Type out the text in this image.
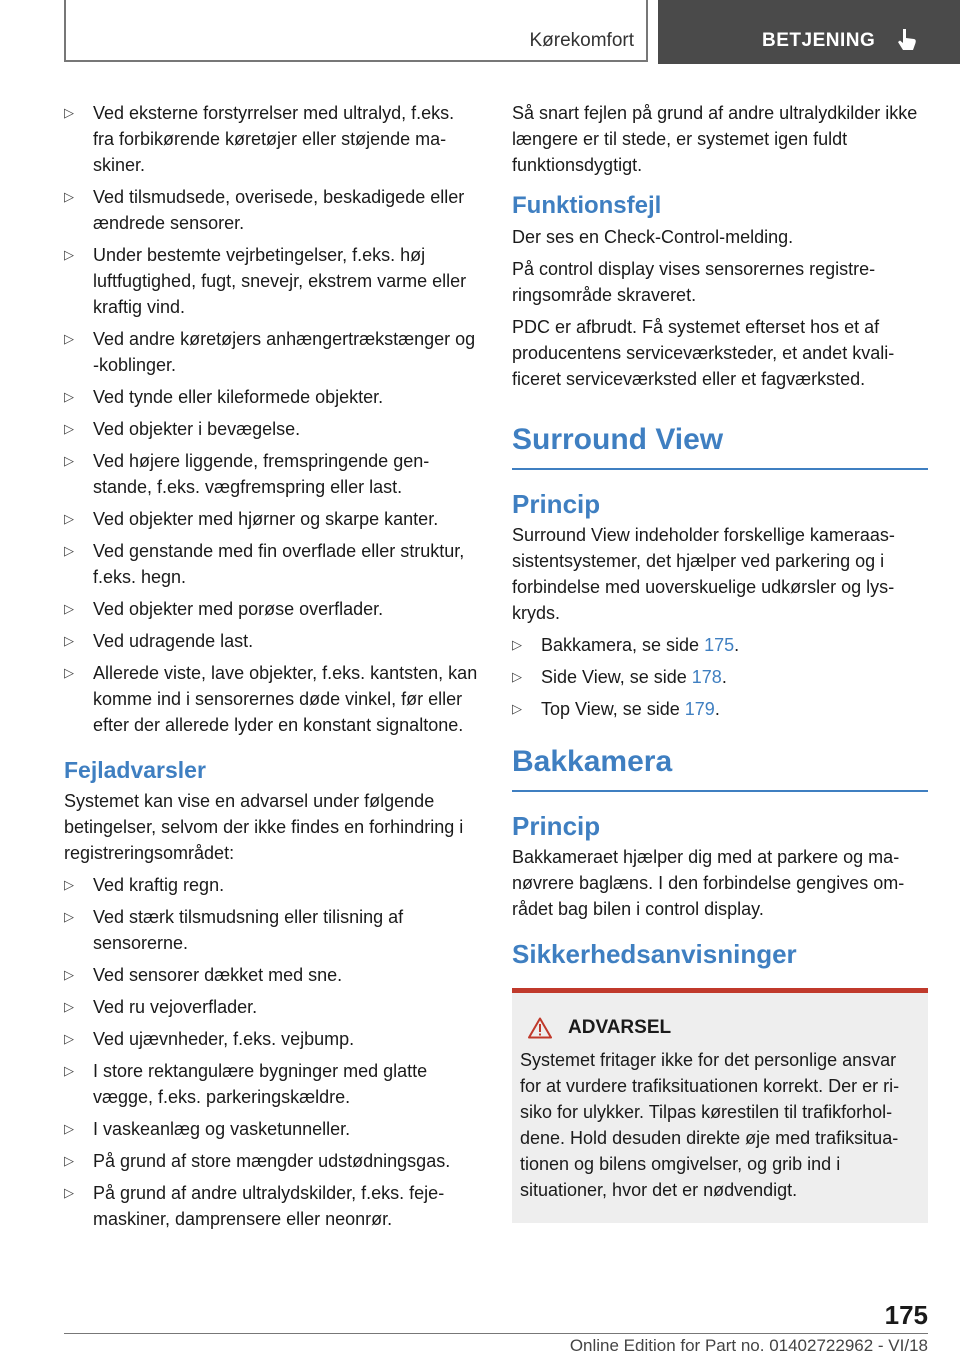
Kørekomfort	BETJENING
▷ Ved eksterne forstyrrelser med ultralyd, f.eks. fra forbikørende køretøjer eller støjende maskiner.
▷ Ved tilsmudsede, overisede, beskadigede eller ændrede sensorer.
▷ Under bestemte vejrbetingelser, f.eks. høj luftfugtighed, fugt, snevejr, ekstrem varme eller kraftig vind.
▷ Ved andre køretøjers anhængertrækstænger og -koblinger.
▷ Ved tynde eller kileformede objekter.
▷ Ved objekter i bevægelse.
▷ Ved højere liggende, fremspringende genstande, f.eks. vægfremspring eller last.
▷ Ved objekter med hjørner og skarpe kanter.
▷ Ved genstande med fin overflade eller struktur, f.eks. hegn.
▷ Ved objekter med porøse overflader.
▷ Ved udragende last.
▷ Allerede viste, lave objekter, f.eks. kantsten, kan komme ind i sensorernes døde vinkel, før eller efter der allerede lyder en konstant signaltone.
Fejladvarsler

Systemet kan vise en advarsel under følgende betingelser, selvom der ikke findes en forhindring i registreringsområdet:

▷ Ved kraftig regn.
▷ Ved stærk tilsmudsning eller tilisning af sensorerne.
▷ Ved sensorer dækket med sne.
▷ Ved ru vejoverflader.
▷ Ved ujævnheder, f.eks. vejbump.
▷ I store rektangulære bygninger med glatte vægge, f.eks. parkeringskældre.
▷ I vaskeanlæg og vasketunneller.
▷ På grund af store mængder udstødningsgas.
▷ På grund af andre ultralydskilder, f.eks. fejemaskiner, damprensere eller neonrør.

Så snart fejlen på grund af andre ultralydkilder ikke længere er til stede, er systemet igen fuldt funktionsdygtigt.

Funktionsfejl

Der ses en Check-Control-melding.

På control display vises sensorernes registreringsområde skraveret.

PDC er afbrudt. Få systemet efterset hos et af producentens serviceværksteder, et andet kvalificeret serviceværksted eller et fagværksted.

Surround View
Princip

Surround View indeholder forskellige kameraassistentsystemer, det hjælper ved parkering og i forbindelse med uoverskuelige udkørsler og lyskryds.

▷ Bakkamera, se side 175.
▷ Side View, se side 178.
▷ Top View, se side 179.
Bakkamera
Princip

Bakkameraet hjælper dig med at parkere og manøvrere baglæns. I den forbindelse gengives området bag bilen i control display.

Sikkerhedsanvisninger
ADVARSEL

Systemet fritager ikke for det personlige ansvar for at vurdere trafiksituationen korrekt. Der er risiko for ulykker. Tilpas kørestilen til trafikforholdene. Hold desuden direkte øje med trafiksituationen og bilens omgivelser, og grib ind i situationer, hvor det er nødvendigt.

175
Online Edition for Part no. 01402722962 - VI/18
